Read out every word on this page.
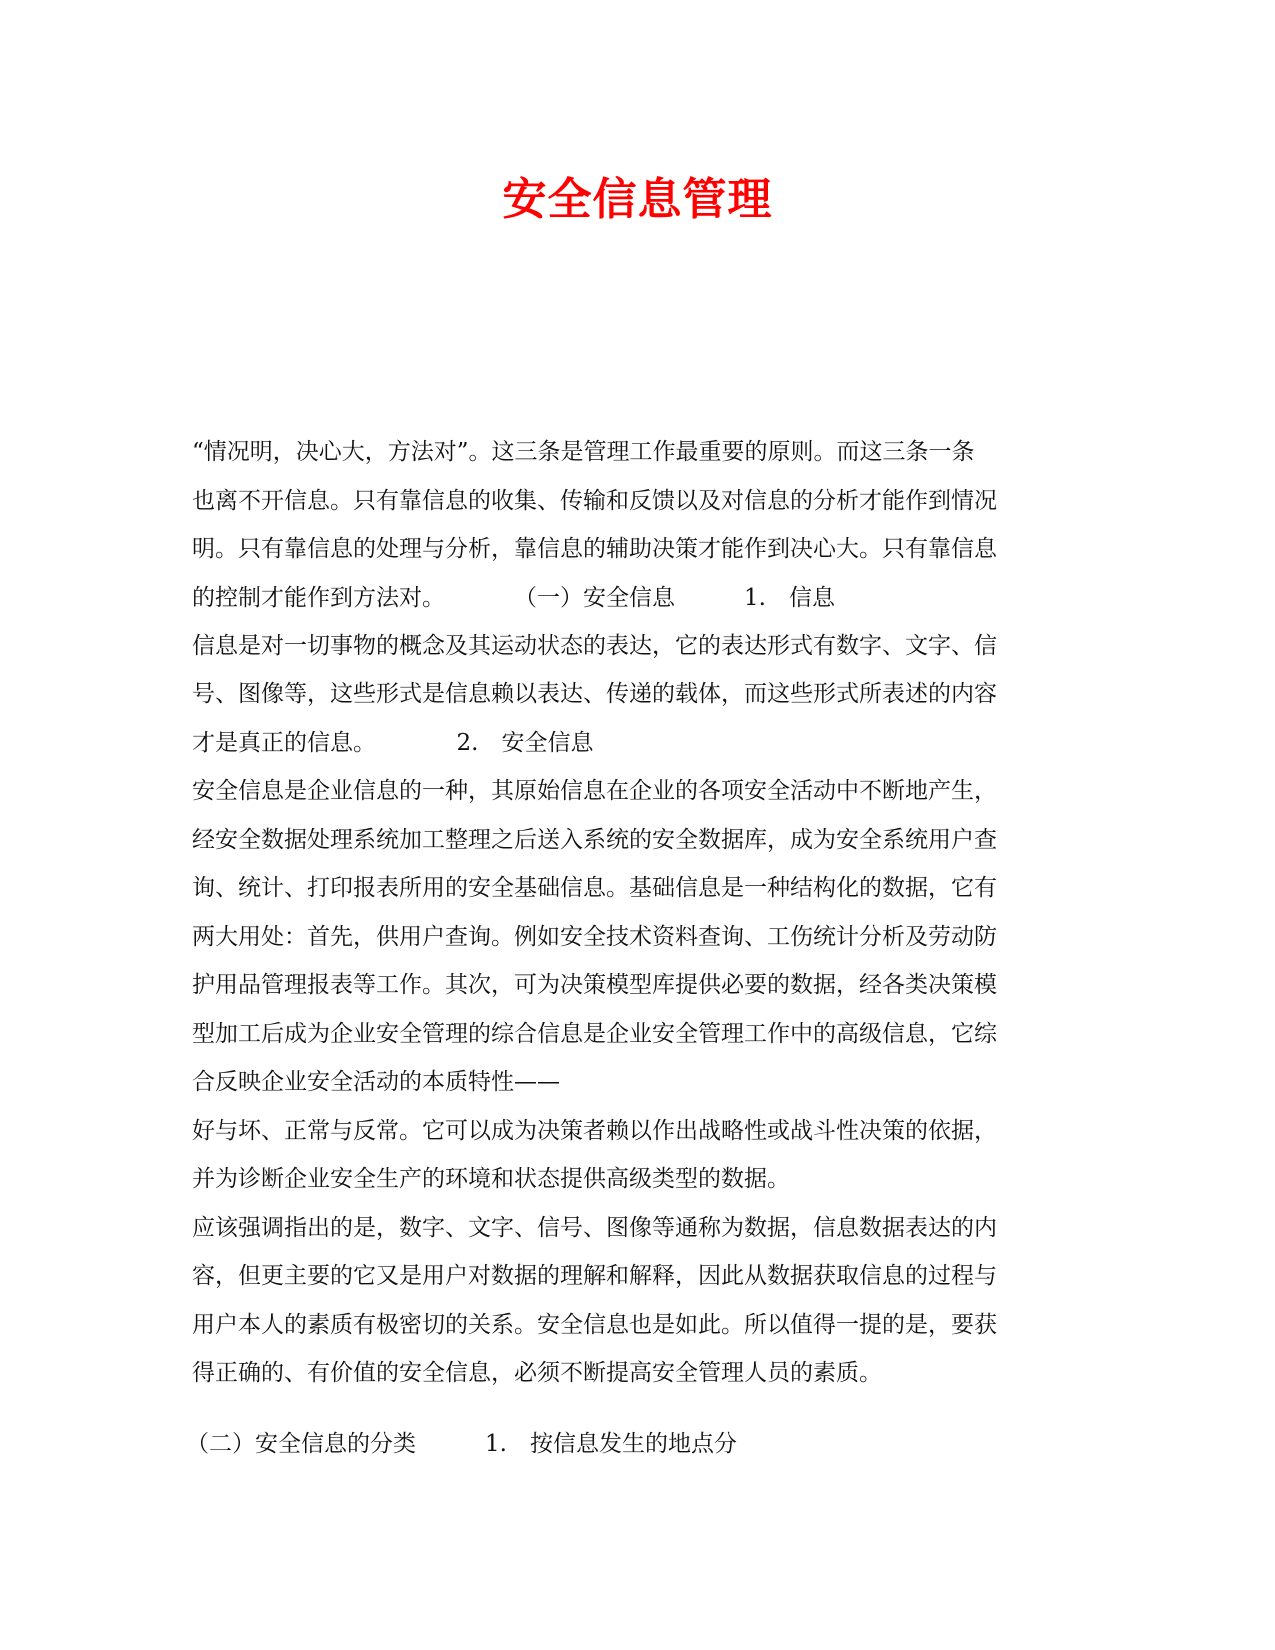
安全信息管理
“情况明，决心大，方法对”。这三条是管理工作最重要的原则。而这三条一条
也离不开信息。只有靠信息的收集、传输和反馈以及对信息的分析才能作到情况
明。只有靠信息的处理与分析，靠信息的辅助决策才能作到决心大。只有靠信息
的控制才能作到方法对。　　　　（一）安全信息　　　1.　信息
信息是对一切事物的概念及其运动状态的表达，它的表达形式有数字、文字、信
号、图像等，这些形式是信息赖以表达、传递的载体，而这些形式所表述的内容
才是真正的信息。　　　　2.　安全信息
安全信息是企业信息的一种，其原始信息在企业的各项安全活动中不断地产生，
经安全数据处理系统加工整理之后送入系统的安全数据库，成为安全系统用户查
询、统计、打印报表所用的安全基础信息。基础信息是一种结构化的数据，它有
两大用处：首先，供用户查询。例如安全技术资料查询、工伤统计分析及劳动防
护用品管理报表等工作。其次，可为决策模型库提供必要的数据，经各类决策模
型加工后成为企业安全管理的综合信息是企业安全管理工作中的高级信息，它综
合反映企业安全活动的本质特性——
好与坏、正常与反常。它可以成为决策者赖以作出战略性或战斗性决策的依据，
并为诊断企业安全生产的环境和状态提供高级类型的数据。
应该强调指出的是，数字、文字、信号、图像等通称为数据，信息数据表达的内
容，但更主要的它又是用户对数据的理解和解释，因此从数据获取信息的过程与
用户本人的素质有极密切的关系。安全信息也是如此。所以值得一提的是，要获
得正确的、有价值的安全信息，必须不断提高安全管理人员的素质。
（二）安全信息的分类　　　1.　按信息发生的地点分
